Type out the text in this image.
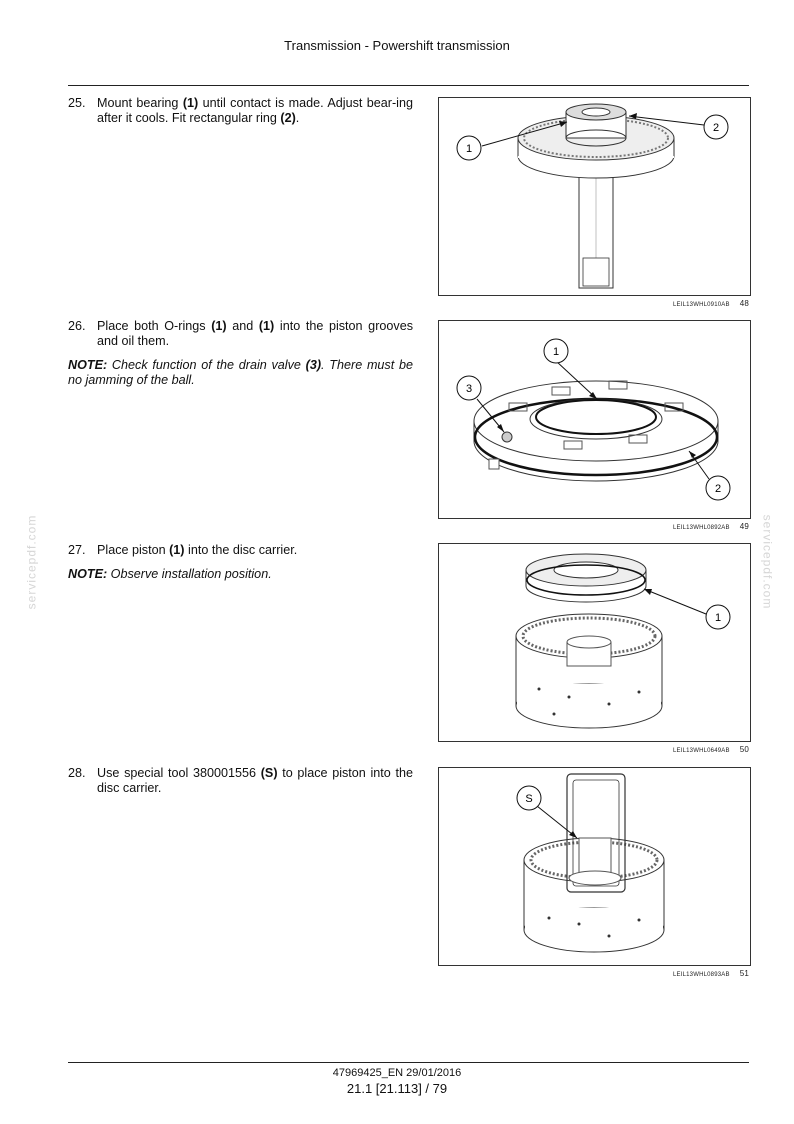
Transmission - Powershift transmission
25. Mount bearing (1) until contact is made. Adjust bear-ing after it cools. Fit rectangular ring (2).
1
2
LEIL13WHL0910AB 48
26. Place both O-rings (1) and (1) into the piston grooves and oil them.
NOTE: Check function of the drain valve (3). There must be no jamming of the ball.
1
3
2
LEIL13WHL0892AB 49
27. Place piston (1) into the disc carrier.
NOTE: Observe installation position.
1
LEIL13WHL0649AB 50
28. Use special tool 380001556 (S) to place piston into the disc carrier.
S
LEIL13WHL0893AB 51
servicepdf.com	servicepdf.com
47969425_EN 29/01/2016
21.1 [21.113] / 79
